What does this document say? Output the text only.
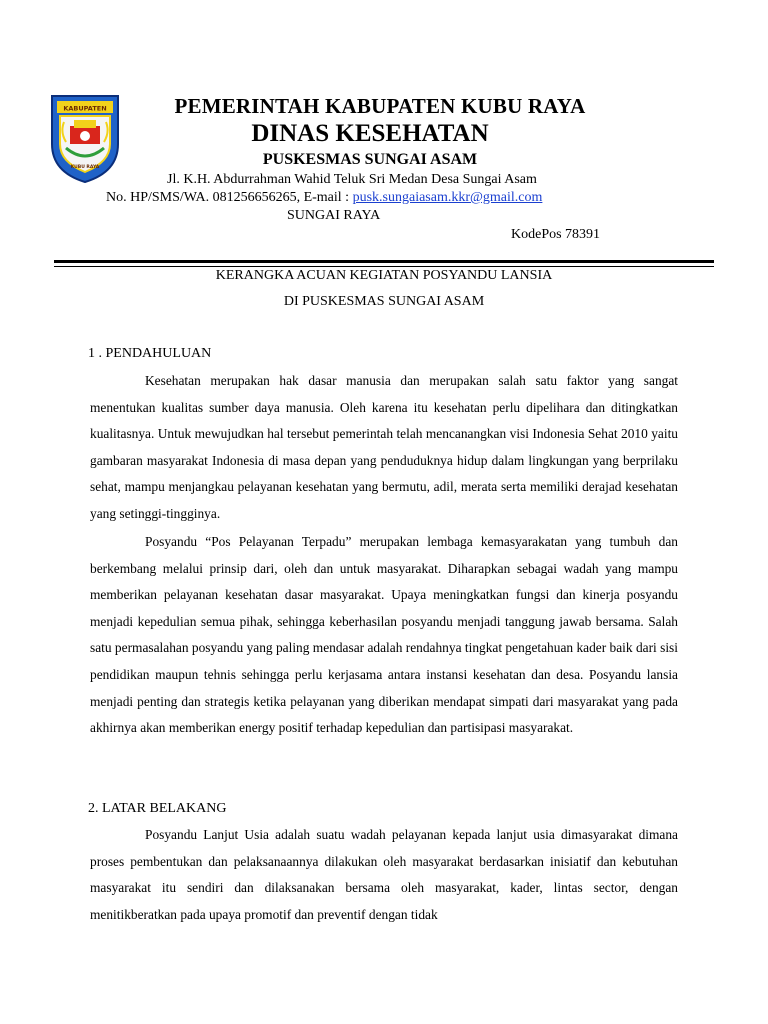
KABUPATEN
KUBU RAYA
PEMERINTAH KABUPATEN KUBU RAYA
DINAS KESEHATAN
PUSKESMAS SUNGAI ASAM
Jl. K.H. Abdurrahman Wahid Teluk Sri Medan Desa Sungai Asam
No. HP/SMS/WA. 081256656265, E-mail : pusk.sungaiasam.kkr@gmail.com
SUNGAI RAYA
KodePos 78391
KERANGKA ACUAN KEGIATAN POSYANDU LANSIA
DI PUSKESMAS SUNGAI ASAM
1 . PENDAHULUAN
Kesehatan merupakan hak dasar manusia dan merupakan salah satu faktor yang sangat menentukan kualitas sumber daya manusia. Oleh karena itu kesehatan perlu dipelihara dan ditingkatkan kualitasnya. Untuk mewujudkan hal tersebut pemerintah telah mencanangkan visi Indonesia Sehat 2010 yaitu gambaran masyarakat Indonesia di masa depan yang penduduknya hidup dalam lingkungan yang berprilaku sehat, mampu menjangkau pelayanan kesehatan yang bermutu, adil, merata serta memiliki derajad kesehatan yang setinggi-tingginya.
Posyandu “Pos Pelayanan Terpadu” merupakan lembaga kemasyarakatan yang tumbuh dan berkembang melalui prinsip dari, oleh dan untuk masyarakat. Diharapkan sebagai wadah yang mampu memberikan pelayanan kesehatan dasar masyarakat. Upaya meningkatkan fungsi dan kinerja posyandu menjadi kepedulian semua pihak, sehingga keberhasilan posyandu menjadi tanggung jawab bersama. Salah satu permasalahan posyandu yang paling mendasar adalah rendahnya tingkat pengetahuan kader baik dari sisi pendidikan maupun tehnis sehingga perlu kerjasama antara instansi kesehatan dan desa. Posyandu lansia menjadi penting dan strategis ketika pelayanan yang diberikan mendapat simpati dari masyarakat yang pada akhirnya akan memberikan energy positif terhadap kepedulian dan partisipasi masyarakat.
2. LATAR BELAKANG
Posyandu Lanjut Usia adalah suatu wadah pelayanan kepada lanjut usia dimasyarakat dimana proses pembentukan dan pelaksanaannya dilakukan oleh masyarakat berdasarkan inisiatif dan kebutuhan masyarakat itu sendiri dan dilaksanakan bersama oleh masyarakat, kader, lintas sector, dengan menitikberatkan pada upaya promotif dan preventif dengan tidak
